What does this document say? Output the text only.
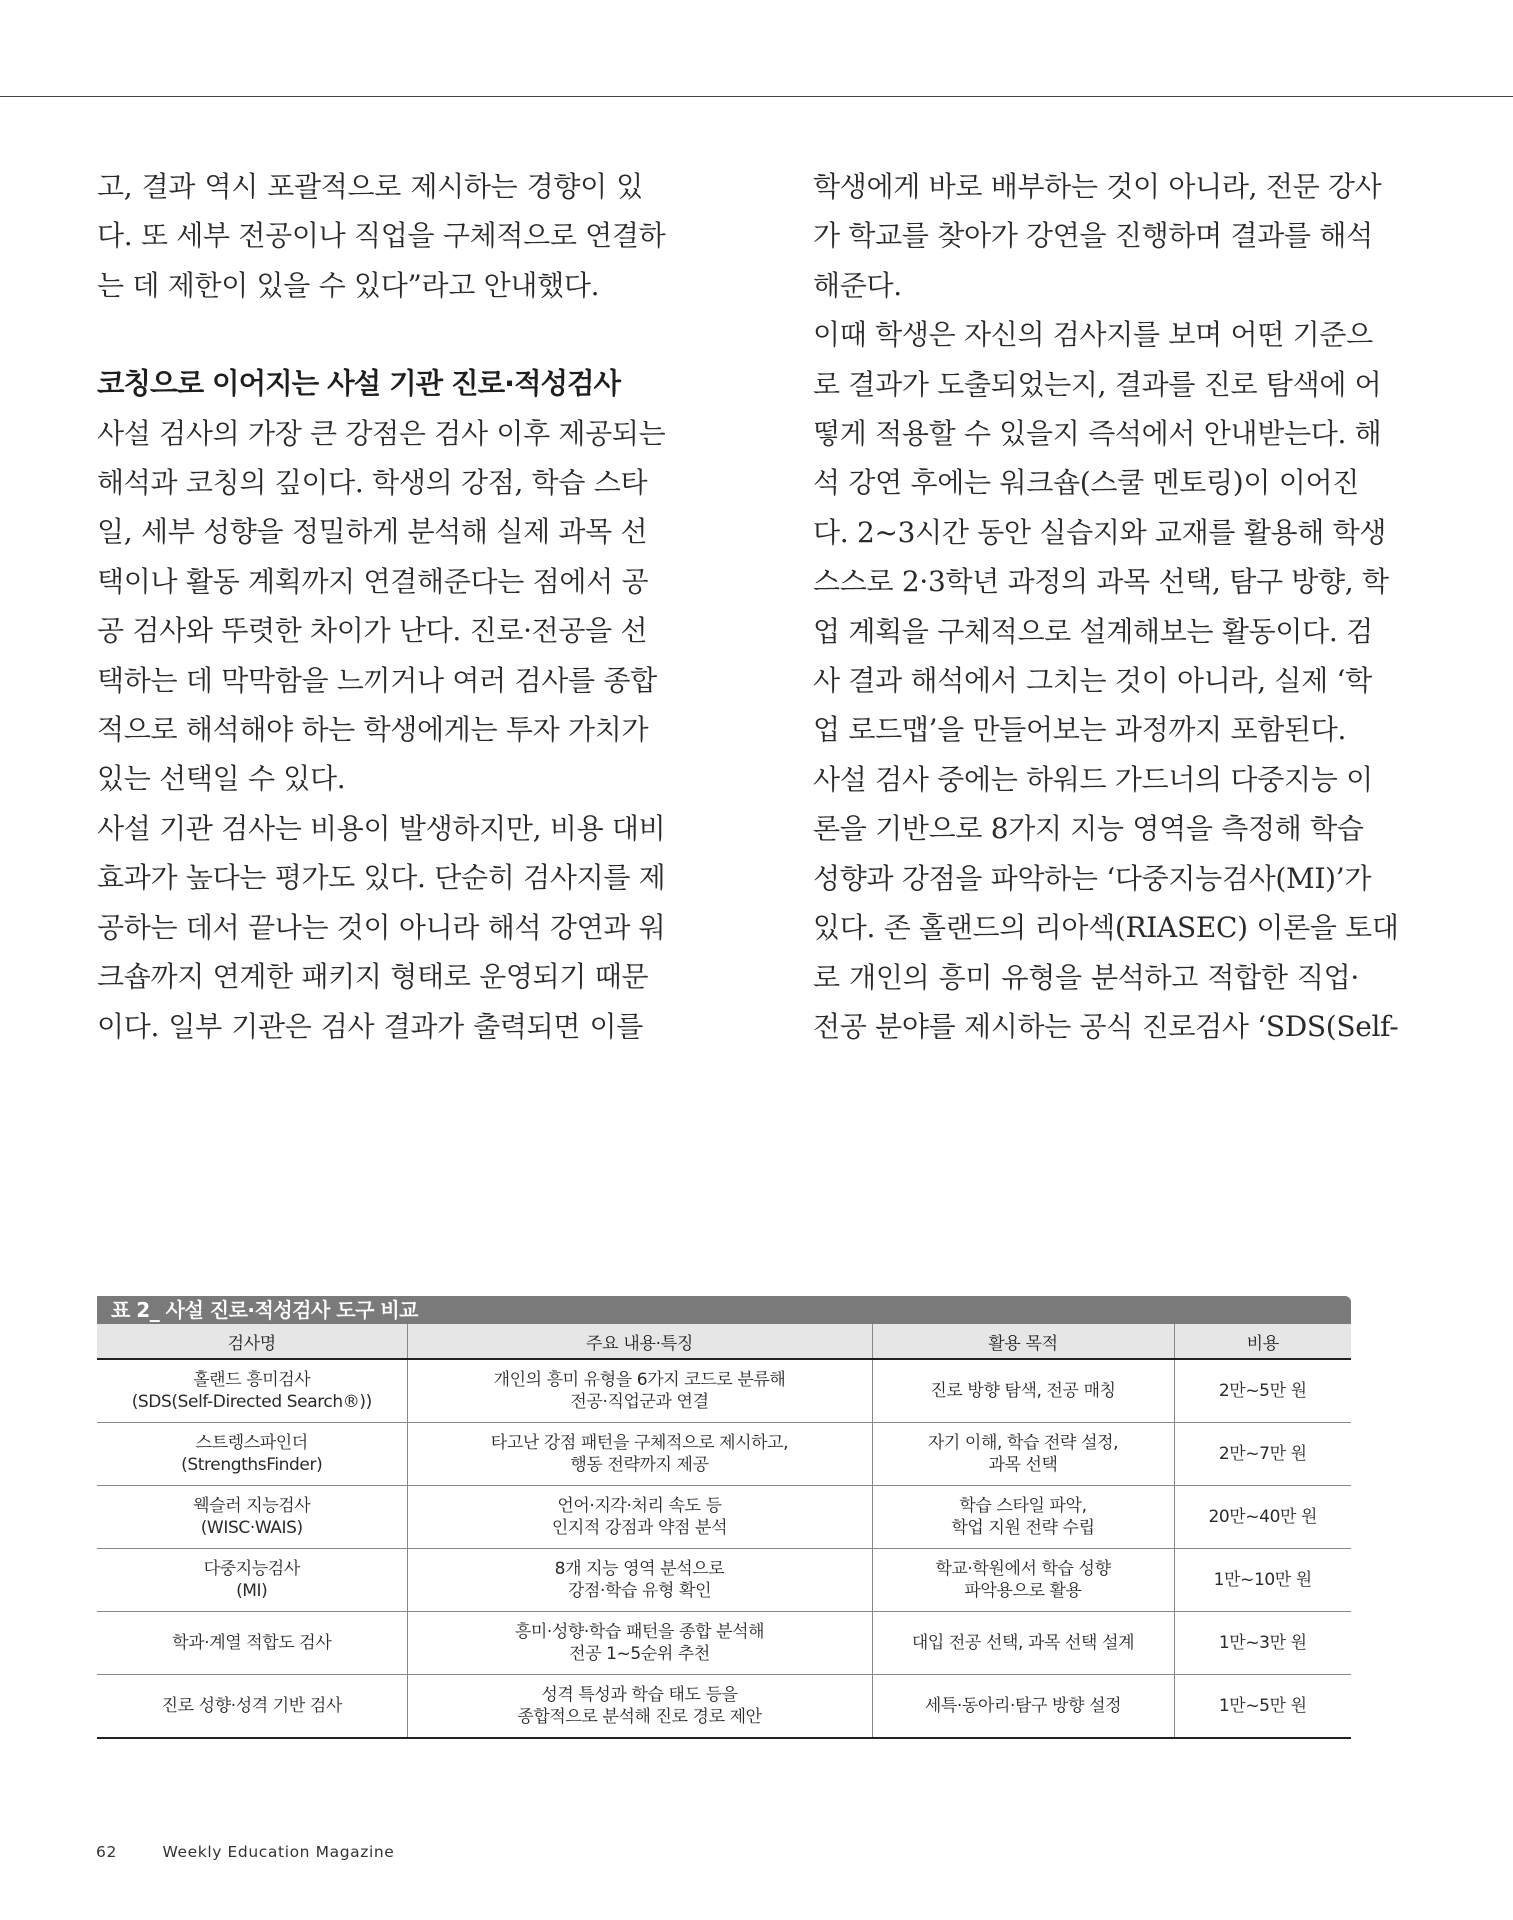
고, 결과 역시 포괄적으로 제시하는 경향이 있
다. 또 세부 전공이나 직업을 구체적으로 연결하
는 데 제한이 있을 수 있다”라고 안내했다.

코칭으로 이어지는 사설 기관 진로·적성검사

사설 검사의 가장 큰 강점은 검사 이후 제공되는
해석과 코칭의 깊이다. 학생의 강점, 학습 스타
일, 세부 성향을 정밀하게 분석해 실제 과목 선
택이나 활동 계획까지 연결해준다는 점에서 공
공 검사와 뚜렷한 차이가 난다. 진로·전공을 선
택하는 데 막막함을 느끼거나 여러 검사를 종합
적으로 해석해야 하는 학생에게는 투자 가치가
있는 선택일 수 있다.

사설 기관 검사는 비용이 발생하지만, 비용 대비
효과가 높다는 평가도 있다. 단순히 검사지를 제
공하는 데서 끝나는 것이 아니라 해석 강연과 워
크숍까지 연계한 패키지 형태로 운영되기 때문
이다. 일부 기관은 검사 결과가 출력되면 이를

학생에게 바로 배부하는 것이 아니라, 전문 강사
가 학교를 찾아가 강연을 진행하며 결과를 해석
해준다.

이때 학생은 자신의 검사지를 보며 어떤 기준으
로 결과가 도출되었는지, 결과를 진로 탐색에 어
떻게 적용할 수 있을지 즉석에서 안내받는다. 해
석 강연 후에는 워크숍(스쿨 멘토링)이 이어진
다. 2~3시간 동안 실습지와 교재를 활용해 학생
스스로 2·3학년 과정의 과목 선택, 탐구 방향, 학
업 계획을 구체적으로 설계해보는 활동이다. 검
사 결과 해석에서 그치는 것이 아니라, 실제 ‘학
업 로드맵’을 만들어보는 과정까지 포함된다.

사설 검사 중에는 하워드 가드너의 다중지능 이
론을 기반으로 8가지 지능 영역을 측정해 학습
성향과 강점을 파악하는 ‘다중지능검사(MI)’가
있다. 존 홀랜드의 리아섹(RIASEC) 이론을 토대
로 개인의 흥미 유형을 분석하고 적합한 직업·
전공 분야를 제시하는 공식 진로검사 ‘SDS(Self-

표 2_ 사설 진로·적성검사 도구 비교
검사명	주요 내용·특징	활용 목적	비용

홀랜드 흥미검사
(SDS(Self-Directed Search®))	개인의 흥미 유형을 6가지 코드로 분류해
전공·직업군과 연결	진로 방향 탐색, 전공 매칭	2만~5만 원

스트렝스파인더
(StrengthsFinder)	타고난 강점 패턴을 구체적으로 제시하고,
행동 전략까지 제공	자기 이해, 학습 전략 설정,
과목 선택	2만~7만 원

웩슬러 지능검사
(WISC·WAIS)	언어·지각·처리 속도 등
인지적 강점과 약점 분석	학습 스타일 파악,
학업 지원 전략 수립	20만~40만 원

다중지능검사
(MI)	8개 지능 영역 분석으로
강점·학습 유형 확인	학교·학원에서 학습 성향
파악용으로 활용	1만~10만 원

학과·계열 적합도 검사	흥미·성향·학습 패턴을 종합 분석해
전공 1~5순위 추천	대입 전공 선택, 과목 선택 설계	1만~3만 원

진로 성향·성격 기반 검사	성격 특성과 학습 태도 등을
종합적으로 분석해 진로 경로 제안	세특·동아리·탐구 방향 설정	1만~5만 원
62	Weekly Education Magazine
